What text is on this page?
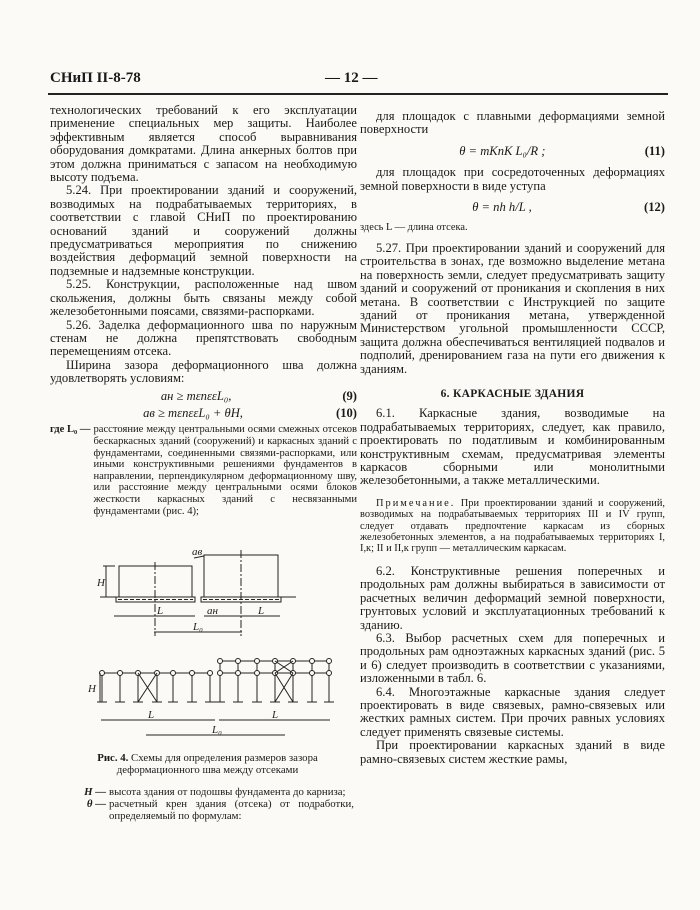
СНиП II-8-78	— 12 —

технологических требований к его эксплуатации применение специальных мер защиты. Наиболее эффективным является способ выравнивания оборудования домкратами. Длина анкерных болтов при этом должна приниматься с запасом на необходимую высоту подъема.

5.24. При проектировании зданий и сооружений, возводимых на подрабатываемых территориях, в соответствии с главой СНиП по проектированию оснований зданий и сооружений должны предусматриваться мероприятия по снижению воздействия деформаций земной поверхности на подземные и надземные конструкции.

5.25. Конструкции, расположенные над швом скольжения, должны быть связаны между собой железобетонными поясами, связями-распорками.

5.26. Заделка деформационного шва по наружным стенам не должна препятствовать свободным перемещениям отсека.

Ширина зазора деформационного шва должна удовлетворять условиям:

aн ≥ mεnεεL₀,	(9)
aв ≥ mεnεεL₀ + θH,	(10)
где L₀ — расстояние между центральными осями смежных отсеков бескаркасных зданий (сооружений) и каркасных зданий с фундаментами, соединенными связями-распорками, или иными конструктивными решениями фундаментов в направлении, перпендикулярном деформационному шву, или расстояние между центральными осями блоков жесткости каркасных зданий с несвязанными фундаментами (рис. 4);
H
L	L
aн
aв
L₀
H
L	L
L₀
Рис. 4. Схемы для определения размеров зазора деформационного шва между отсеками
H — высота здания от подошвы фундамента до карниза;
θ — расчетный крен здания (отсека) от подработки, определяемый по формулам:

для площадок с плавными деформациями земной поверхности

θ = mKnK L₀/R ;	(11)

для площадок при сосредоточенных деформациях земной поверхности в виде уступа

θ = nh h/L ,	(12)

здесь L — длина отсека.

5.27. При проектировании зданий и сооружений для строительства в зонах, где возможно выделение метана на поверхность земли, следует предусматривать защиту зданий и сооружений от проникания и скопления в них метана. В соответствии с Инструкцией по защите зданий от проникания метана, утвержденной Министерством угольной промышленности СССР, защита должна обеспечиваться вентиляцией подвалов и подполий, дренированием газа на пути его движения к зданиям.

6. КАРКАСНЫЕ ЗДАНИЯ

6.1. Каркасные здания, возводимые на подрабатываемых территориях, следует, как правило, проектировать по податливым и комбинированным конструктивным схемам, предусматривая элементы каркасов сборными или монолитными железобетонными, а также металлическими.

Примечание. При проектировании зданий и сооружений, возводимых на подрабатываемых территориях III и IV групп, следует отдавать предпочтение каркасам из сборных железобетонных элементов, а на подрабатываемых территориях I, I,к; II и II,к групп — металлическим каркасам.

6.2. Конструктивные решения поперечных и продольных рам должны выбираться в зависимости от расчетных величин деформаций земной поверхности, грунтовых условий и эксплуатационных требований к зданию.

6.3. Выбор расчетных схем для поперечных и продольных рам одноэтажных каркасных зданий (рис. 5 и 6) следует производить в соответствии с указаниями, изложенными в табл. 6.

6.4. Многоэтажные каркасные здания следует проектировать в виде связевых, рамно-связевых или жестких рамных систем. При прочих равных условиях следует применять связевые системы.

При проектировании каркасных зданий в виде рамно-связевых систем жесткие рамы,
